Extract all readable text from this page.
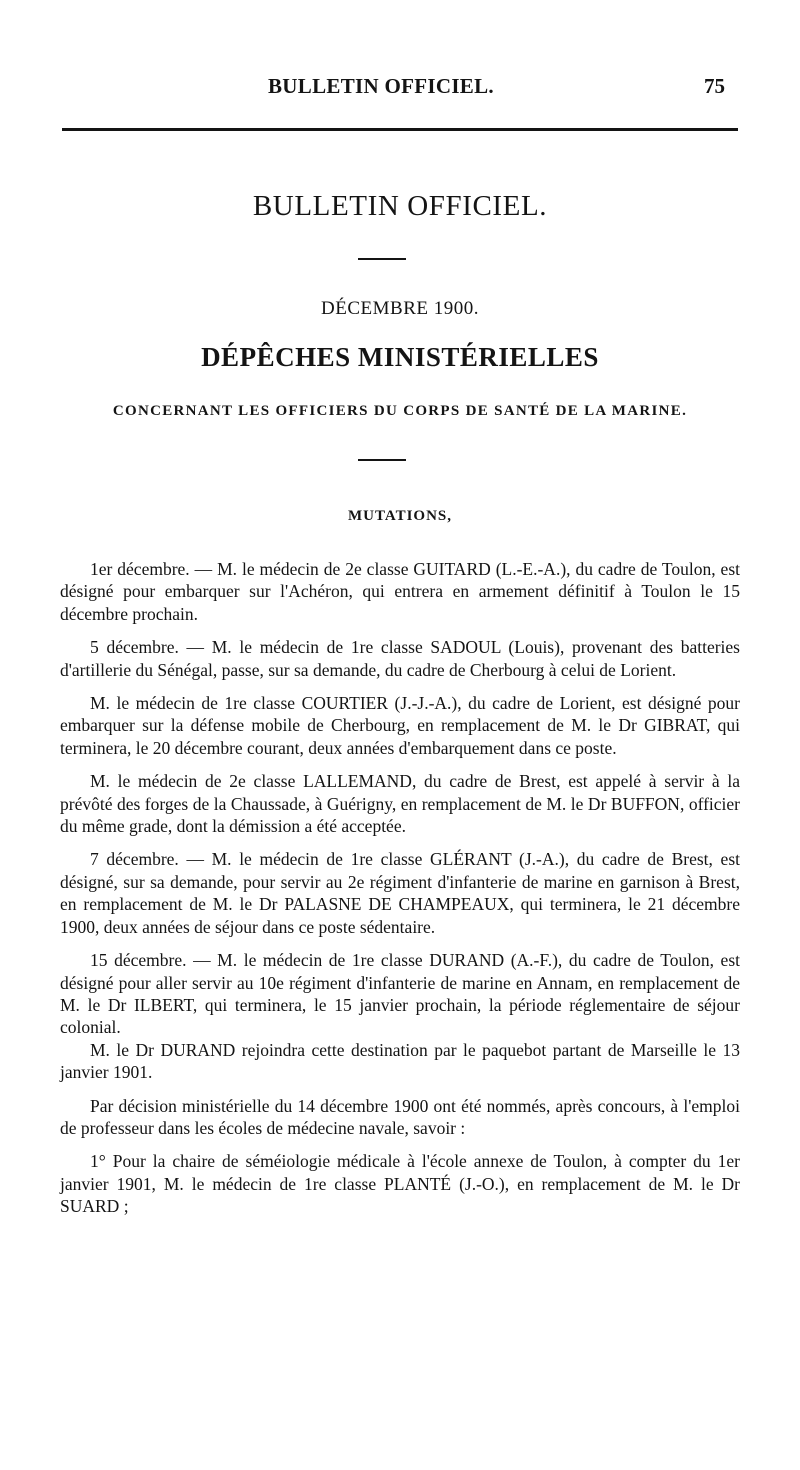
BULLETIN OFFICIEL.	75
BULLETIN OFFICIEL.
DÉCEMBRE 1900.
DÉPÊCHES MINISTÉRIELLES
CONCERNANT LES OFFICIERS DU CORPS DE SANTÉ DE LA MARINE.
MUTATIONS,

1er décembre. — M. le médecin de 2e classe GUITARD (L.-E.-A.), du cadre de Toulon, est désigné pour embarquer sur l'Achéron, qui entrera en armement définitif à Toulon le 15 décembre prochain.

5 décembre. — M. le médecin de 1re classe SADOUL (Louis), provenant des batteries d'artillerie du Sénégal, passe, sur sa demande, du cadre de Cherbourg à celui de Lorient.

M. le médecin de 1re classe COURTIER (J.-J.-A.), du cadre de Lorient, est désigné pour embarquer sur la défense mobile de Cherbourg, en remplacement de M. le Dr GIBRAT, qui terminera, le 20 décembre courant, deux années d'embarquement dans ce poste.

M. le médecin de 2e classe LALLEMAND, du cadre de Brest, est appelé à servir à la prévôté des forges de la Chaussade, à Guérigny, en remplacement de M. le Dr BUFFON, officier du même grade, dont la démission a été acceptée.

7 décembre. — M. le médecin de 1re classe GLÉRANT (J.-A.), du cadre de Brest, est désigné, sur sa demande, pour servir au 2e régiment d'infanterie de marine en garnison à Brest, en remplacement de M. le Dr PALASNE DE CHAMPEAUX, qui terminera, le 21 décembre 1900, deux années de séjour dans ce poste sédentaire.

15 décembre. — M. le médecin de 1re classe DURAND (A.-F.), du cadre de Toulon, est désigné pour aller servir au 10e régiment d'infanterie de marine en Annam, en remplacement de M. le Dr ILBERT, qui terminera, le 15 janvier prochain, la période réglementaire de séjour colonial.

M. le Dr DURAND rejoindra cette destination par le paquebot partant de Marseille le 13 janvier 1901.

Par décision ministérielle du 14 décembre 1900 ont été nommés, après concours, à l'emploi de professeur dans les écoles de médecine navale, savoir :

1° Pour la chaire de séméiologie médicale à l'école annexe de Toulon, à compter du 1er janvier 1901, M. le médecin de 1re classe PLANTÉ (J.-O.), en remplacement de M. le Dr SUARD ;
